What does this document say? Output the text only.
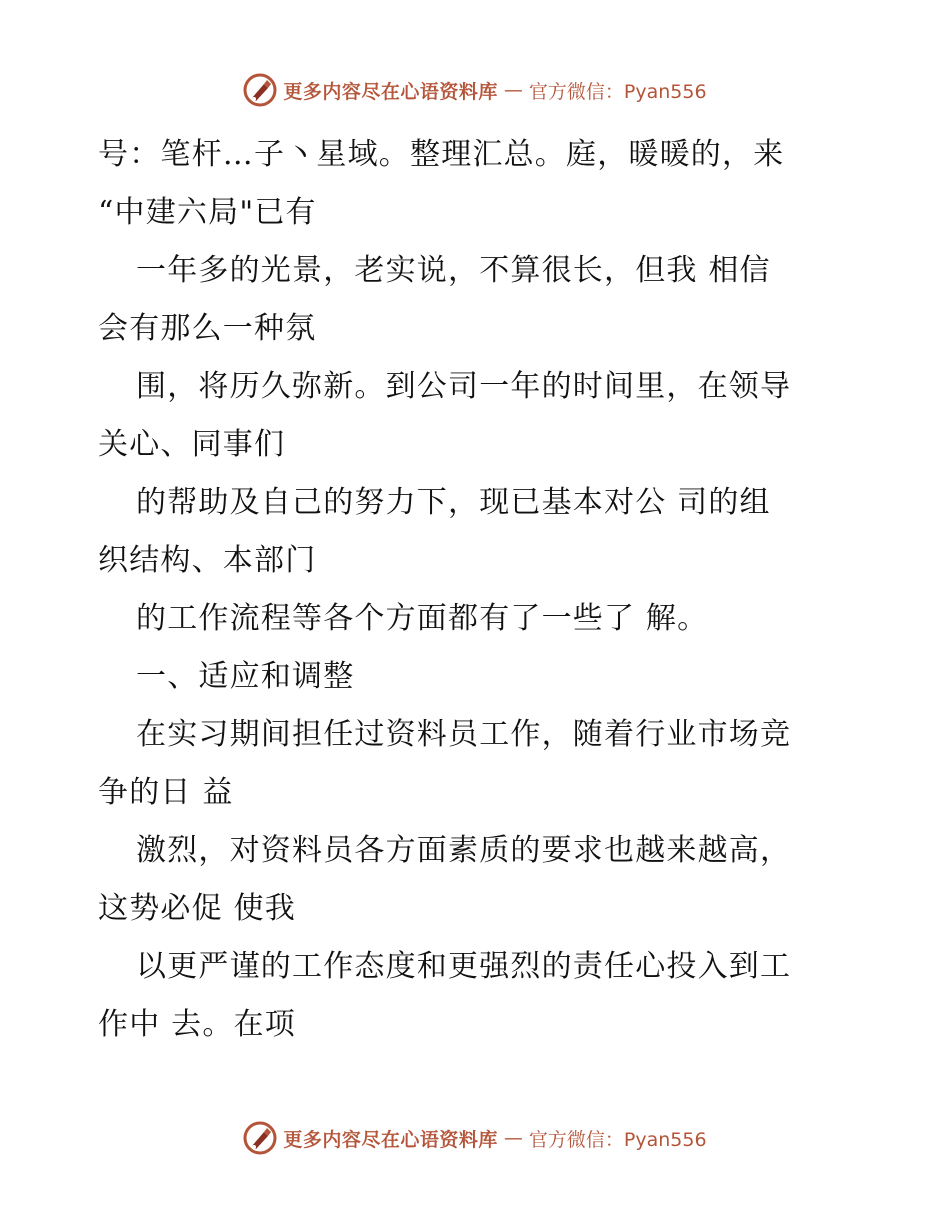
更多内容尽在心语资料库 — 官方微信：Pyan556
号：笔杆…子丶星域。整理汇总。庭，暖暖的，来
“中建六局"已有
一年多的光景，老实说，不算很长，但我 相信
会有那么一种氛
围，将历久弥新。到公司一年的时间里，在领导
关心、同事们
的帮助及自己的努力下，现已基本对公 司的组
织结构、本部门
的工作流程等各个方面都有了一些了 解。
一、适应和调整
在实习期间担任过资料员工作，随着行业市场竞
争的日 益
激烈，对资料员各方面素质的要求也越来越高，
这势必促 使我
以更严谨的工作态度和更强烈的责任心投入到工
作中 去。在项
更多内容尽在心语资料库 — 官方微信：Pyan556
